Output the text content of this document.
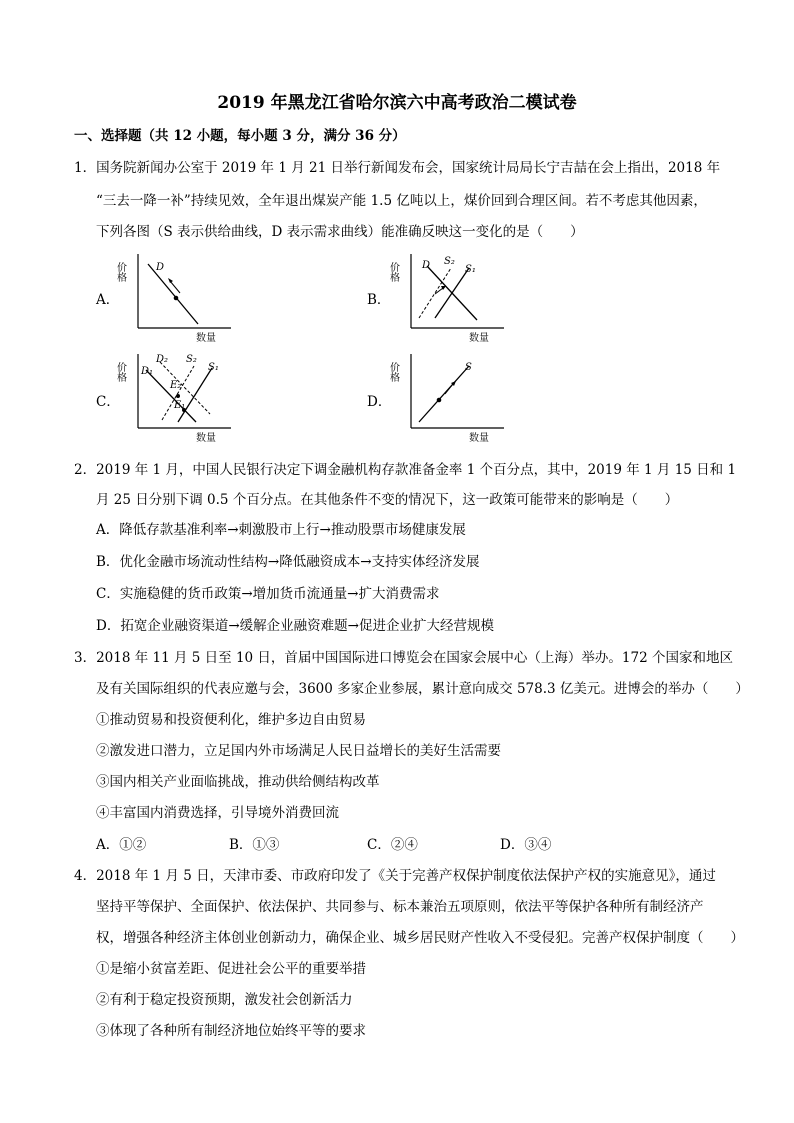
2019 年黑龙江省哈尔滨六中高考政治二模试卷
一、选择题（共 12 小题，每小题 3 分，满分 36 分）
1．国务院新闻办公室于 2019 年 1 月 21 日举行新闻发布会，国家统计局局长宁吉喆在会上指出，2018 年
“三去一降一补”持续见效，全年退出煤炭产能 1.5 亿吨以上，煤价回到合理区间。若不考虑其他因素，
下列各图（S 表示供给曲线，D 表示需求曲线）能准确反映这一变化的是（　　）
A．	B．
C．	D．
价格	D
数量
价格 D S₂
S₁
数量
价格
D₂
D₁
S₂
S₁
E₂
E₁
数量
价格	S
数量
2．2019 年 1 月，中国人民银行决定下调金融机构存款准备金率 1 个百分点，其中，2019 年 1 月 15 日和 1
月 25 日分别下调 0.5 个百分点。在其他条件不变的情况下，这一政策可能带来的影响是（　　）
A．降低存款基准利率→刺激股市上行→推动股票市场健康发展
B．优化金融市场流动性结构→降低融资成本→支持实体经济发展
C．实施稳健的货币政策→增加货币流通量→扩大消费需求
D．拓宽企业融资渠道→缓解企业融资难题→促进企业扩大经营规模
3．2018 年 11 月 5 日至 10 日，首届中国国际进口博览会在国家会展中心（上海）举办。172 个国家和地区
及有关国际组织的代表应邀与会，3600 多家企业参展，累计意向成交 578.3 亿美元。进博会的举办（　　）
①推动贸易和投资便利化，维护多边自由贸易
②激发进口潜力，立足国内外市场满足人民日益增长的美好生活需要
③国内相关产业面临挑战，推动供给侧结构改革
④丰富国内消费选择，引导境外消费回流
A．①②	B．①③	C．②④	D．③④
4．2018 年 1 月 5 日，天津市委、市政府印发了《关于完善产权保护制度依法保护产权的实施意见》，通过
坚持平等保护、全面保护、依法保护、共同参与、标本兼治五项原则，依法平等保护各种所有制经济产
权，增强各种经济主体创业创新动力，确保企业、城乡居民财产性收入不受侵犯。完善产权保护制度（　　）
①是缩小贫富差距、促进社会公平的重要举措
②有利于稳定投资预期，激发社会创新活力
③体现了各种所有制经济地位始终平等的要求
